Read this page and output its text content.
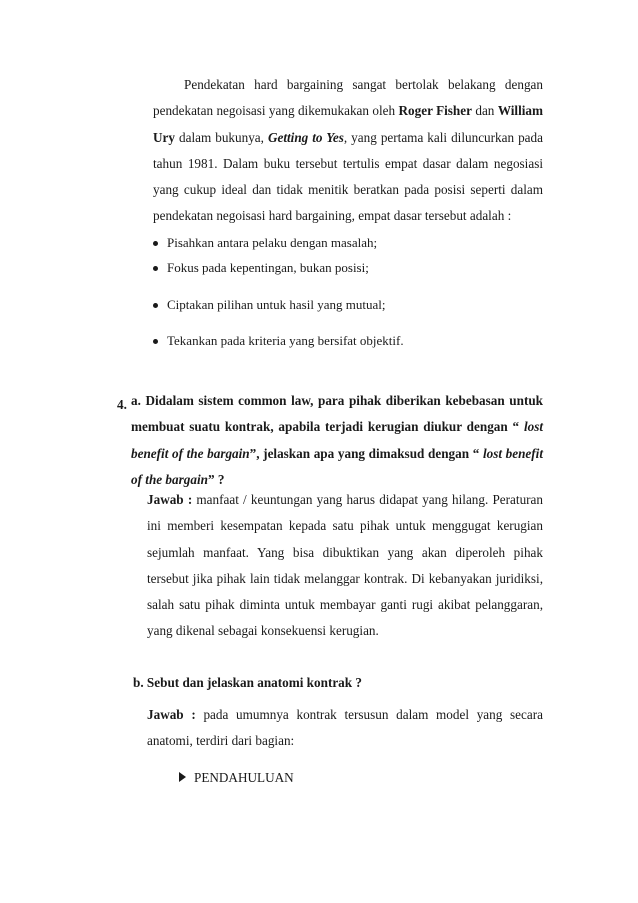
Pendekatan hard bargaining sangat bertolak belakang dengan pendekatan negoisasi yang dikemukakan oleh Roger Fisher dan William Ury dalam bukunya, Getting to Yes, yang pertama kali diluncurkan pada tahun 1981. Dalam buku tersebut tertulis empat dasar dalam negosiasi yang cukup ideal dan tidak menitik beratkan pada posisi seperti dalam pendekatan negoisasi hard bargaining, empat dasar tersebut adalah :
Pisahkan antara pelaku dengan masalah;
Fokus pada kepentingan, bukan posisi;
Ciptakan pilihan untuk hasil yang mutual;
Tekankan pada kriteria yang bersifat objektif.
4. a. Didalam sistem common law, para pihak diberikan kebebasan untuk membuat suatu kontrak, apabila terjadi kerugian diukur dengan “ lost benefit of the bargain”, jelaskan apa yang dimaksud dengan “ lost benefit of the bargain” ?
Jawab : manfaat / keuntungan yang harus didapat yang hilang. Peraturan ini memberi kesempatan kepada satu pihak untuk menggugat kerugian sejumlah manfaat. Yang bisa dibuktikan yang akan diperoleh pihak tersebut jika pihak lain tidak melanggar kontrak. Di kebanyakan juridiksi, salah satu pihak diminta untuk membayar ganti rugi akibat pelanggaran, yang dikenal sebagai konsekuensi kerugian.
b. Sebut dan jelaskan anatomi kontrak ?
Jawab : pada umumnya kontrak tersusun dalam model yang secara anatomi, terdiri dari bagian:
PENDAHULUAN
